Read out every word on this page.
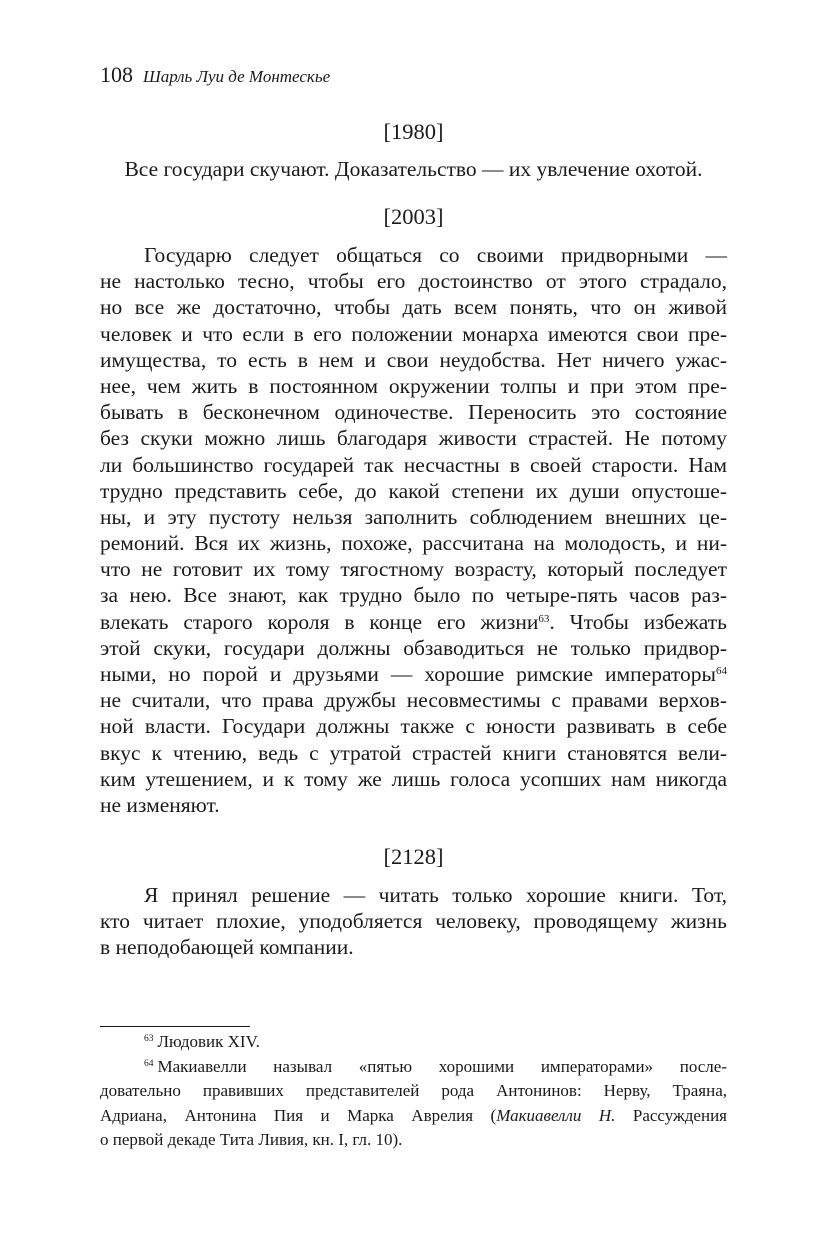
108 Шарль Луи де Монтескье
[1980]
Все государи скучают. Доказательство — их увлечение охотой.
[2003]
Государю следует общаться со своими придворными —
не настолько тесно, чтобы его достоинство от этого страдало,
но все же достаточно, чтобы дать всем понять, что он живой
человек и что если в его положении монарха имеются свои пре-
имущества, то есть в нем и свои неудобства. Нет ничего ужас-
нее, чем жить в постоянном окружении толпы и при этом пре-
бывать в бесконечном одиночестве. Переносить это состояние
без скуки можно лишь благодаря живости страстей. Не потому
ли большинство государей так несчастны в своей старости. Нам
трудно представить себе, до какой степени их души опустоше-
ны, и эту пустоту нельзя заполнить соблюдением внешних це-
ремоний. Вся их жизнь, похоже, рассчитана на молодость, и ни-
что не готовит их тому тягостному возрасту, который последует
за нею. Все знают, как трудно было по четыре-пять часов раз-
влекать старого короля в конце его жизни$^{63}$. Чтобы избежать
этой скуки, государи должны обзаводиться не только придвор-
ными, но порой и друзьями — хорошие римские императоры$^{64}$
не считали, что права дружбы несовместимы с правами верхов-
ной власти. Государи должны также с юности развивать в себе
вкус к чтению, ведь с утратой страстей книги становятся вели-
ким утешением, и к тому же лишь голоса усопших нам никогда
не изменяют.
[2128]
Я принял решение — читать только хорошие книги. Тот,
кто читает плохие, уподобляется человеку, проводящему жизнь
в неподобающей компании.
$^{63}$ Людовик XIV.
$^{64}$ Макиавелли называл «пятью хорошими императорами» после-
довательно правивших представителей рода Антонинов: Нерву, Траяна,
Адриана, Антонина Пия и Марка Аврелия (Макиавелли Н. Рассуждения
о первой декаде Тита Ливия, кн. I, гл. 10).
